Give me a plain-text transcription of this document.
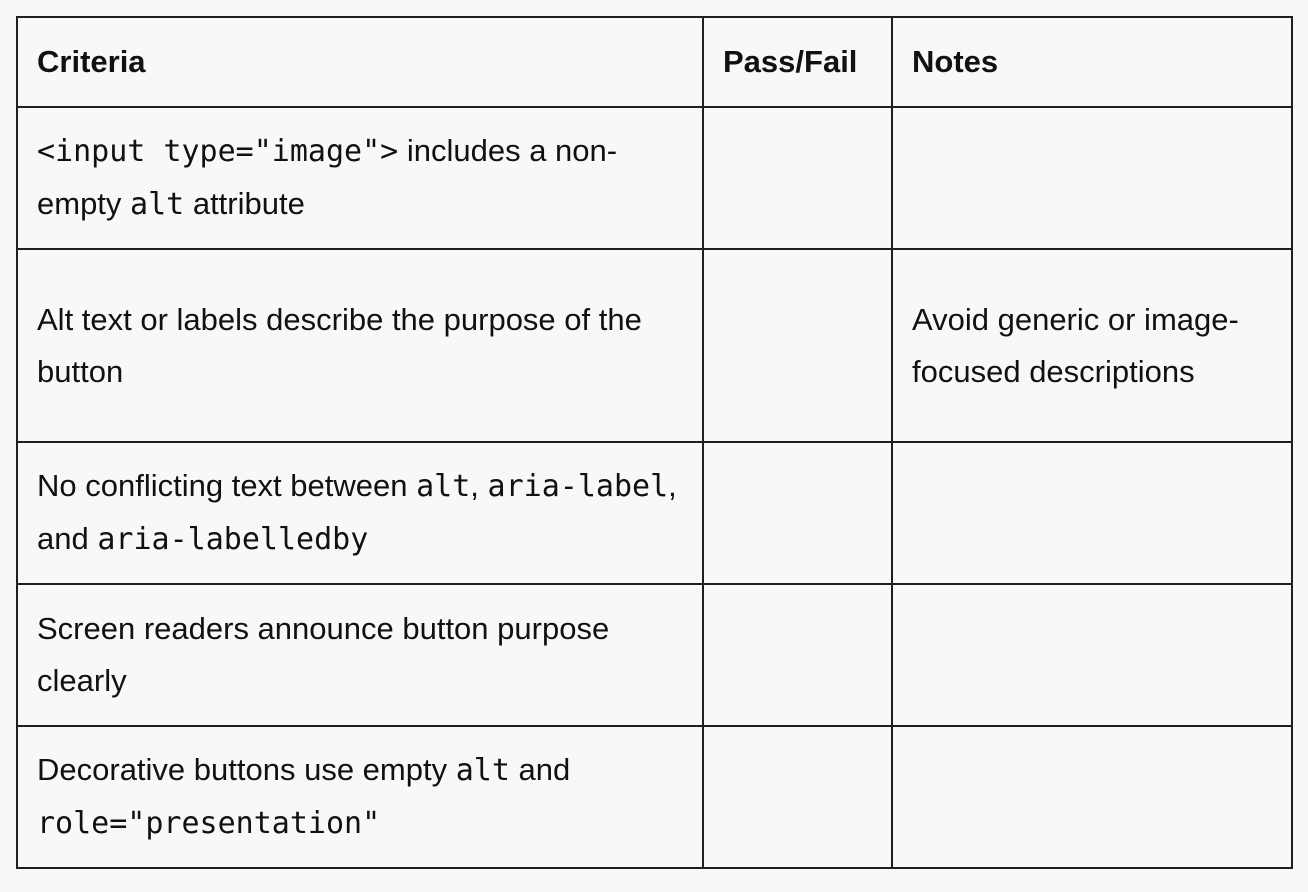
Criteria	Pass/Fail	Notes
<input type="image"> includes a non-empty alt attribute		
Alt text or labels describe the purpose of the button		Avoid generic or image-focused descriptions
No conflicting text between alt, aria-label, and aria-labelledby		
Screen readers announce button purpose clearly		
Decorative buttons use empty alt and role="presentation"		
